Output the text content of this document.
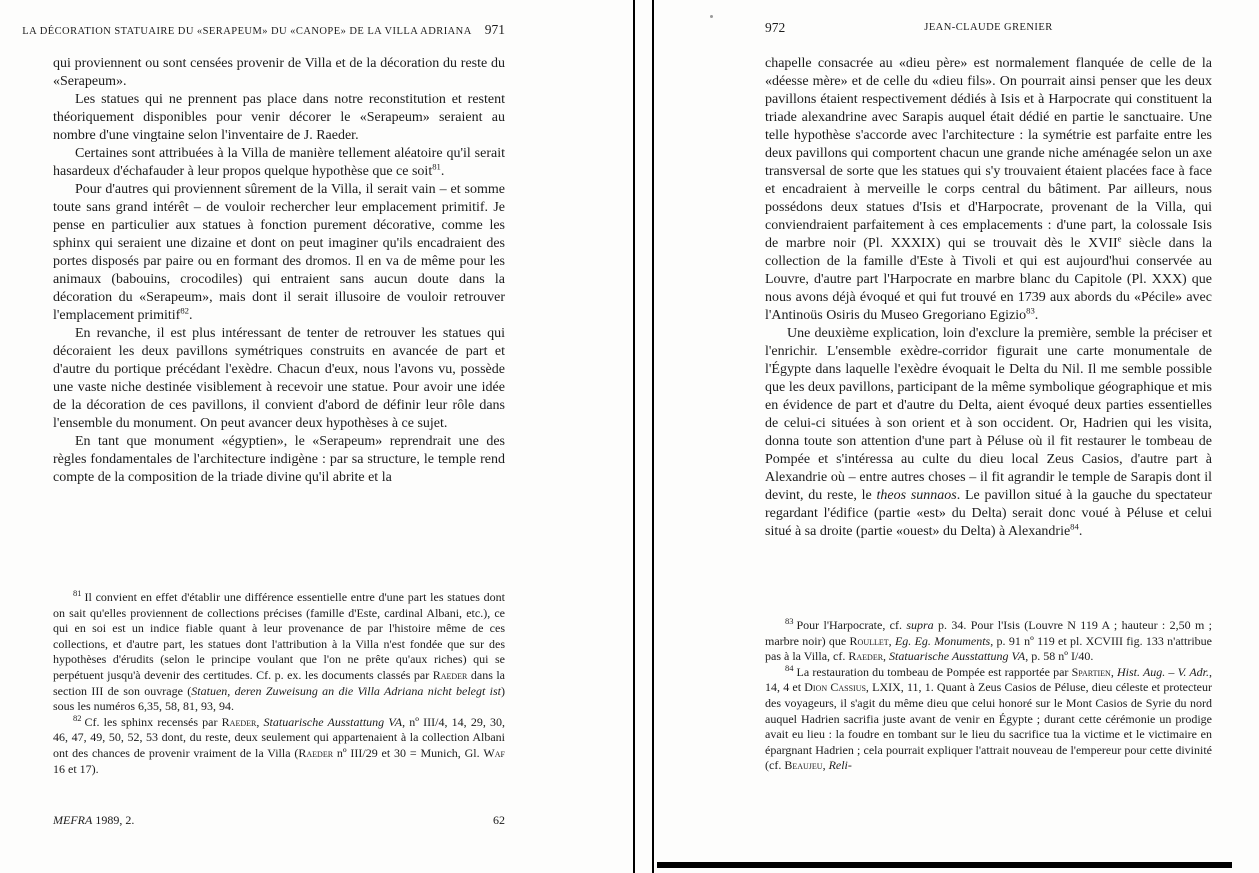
LA DÉCORATION STATUAIRE DU «SERAPEUM» DU «CANOPE» DE LA VILLA ADRIANA 971

qui proviennent ou sont censées provenir de Villa et de la décoration du reste du «Serapeum».

Les statues qui ne prennent pas place dans notre reconstitution et restent théoriquement disponibles pour venir décorer le «Serapeum» seraient au nombre d'une vingtaine selon l'inventaire de J. Raeder.

Certaines sont attribuées à la Villa de manière tellement aléatoire qu'il serait hasardeux d'échafauder à leur propos quelque hypothèse que ce soit$^{81}$.

Pour d'autres qui proviennent sûrement de la Villa, il serait vain – et somme toute sans grand intérêt – de vouloir rechercher leur emplacement primitif. Je pense en particulier aux statues à fonction purement décorative, comme les sphinx qui seraient une dizaine et dont on peut imaginer qu'ils encadraient des portes disposés par paire ou en formant des dromos. Il en va de même pour les animaux (babouins, crocodiles) qui entraient sans aucun doute dans la décoration du «Serapeum», mais dont il serait illusoire de vouloir retrouver l'emplacement primitif$^{82}$.

En revanche, il est plus intéressant de tenter de retrouver les statues qui décoraient les deux pavillons symétriques construits en avancée de part et d'autre du portique précédant l'exèdre. Chacun d'eux, nous l'avons vu, possède une vaste niche destinée visiblement à recevoir une statue. Pour avoir une idée de la décoration de ces pavillons, il convient d'abord de définir leur rôle dans l'ensemble du monument. On peut avancer deux hypothèses à ce sujet.

En tant que monument «égyptien», le «Serapeum» reprendrait une des règles fondamentales de l'architecture indigène : par sa structure, le temple rend compte de la composition de la triade divine qu'il abrite et la

$^{81}$ Il convient en effet d'établir une différence essentielle entre d'une part les statues dont on sait qu'elles proviennent de collections précises (famille d'Este, cardinal Albani, etc.), ce qui en soi est un indice fiable quant à leur provenance de par l'histoire même de ces collections, et d'autre part, les statues dont l'attribution à la Villa n'est fondée que sur des hypothèses d'érudits (selon le principe voulant que l'on ne prête qu'aux riches) qui se perpétuent jusqu'à devenir des certitudes. Cf. p. ex. les documents classés par Raeder dans la section III de son ouvrage (Statuen, deren Zuweisung an die Villa Adriana nicht belegt ist) sous les numéros 6,35, 58, 81, 93, 94.

$^{82}$ Cf. les sphinx recensés par Raeder, Statuarische Ausstattung VA, nº III/4, 14, 29, 30, 46, 47, 49, 50, 52, 53 dont, du reste, deux seulement qui appartenaient à la collection Albani ont des chances de provenir vraiment de la Villa (Raeder nº III/29 et 30 = Munich, Gl. Waf 16 et 17).

MEFRA 1989, 2.	62
972	JEAN-CLAUDE GRENIER

chapelle consacrée au «dieu père» est normalement flanquée de celle de la «déesse mère» et de celle du «dieu fils». On pourrait ainsi penser que les deux pavillons étaient respectivement dédiés à Isis et à Harpocrate qui constituent la triade alexandrine avec Sarapis auquel était dédié en partie le sanctuaire. Une telle hypothèse s'accorde avec l'architecture : la symétrie est parfaite entre les deux pavillons qui comportent chacun une grande niche aménagée selon un axe transversal de sorte que les statues qui s'y trouvaient étaient placées face à face et encadraient à merveille le corps central du bâtiment. Par ailleurs, nous possédons deux statues d'Isis et d'Harpocrate, provenant de la Villa, qui conviendraient parfaitement à ces emplacements : d'une part, la colossale Isis de marbre noir (Pl. XXXIX) qui se trouvait dès le XVIIe siècle dans la collection de la famille d'Este à Tivoli et qui est aujourd'hui conservée au Louvre, d'autre part l'Harpocrate en marbre blanc du Capitole (Pl. XXX) que nous avons déjà évoqué et qui fut trouvé en 1739 aux abords du «Pécile» avec l'Antinoüs Osiris du Museo Gregoriano Egizio$^{83}$.

Une deuxième explication, loin d'exclure la première, semble la préciser et l'enrichir. L'ensemble exèdre-corridor figurait une carte monumentale de l'Égypte dans laquelle l'exèdre évoquait le Delta du Nil. Il me semble possible que les deux pavillons, participant de la même symbolique géographique et mis en évidence de part et d'autre du Delta, aient évoqué deux parties essentielles de celui-ci situées à son orient et à son occident. Or, Hadrien qui les visita, donna toute son attention d'une part à Péluse où il fit restaurer le tombeau de Pompée et s'intéressa au culte du dieu local Zeus Casios, d'autre part à Alexandrie où – entre autres choses – il fit agrandir le temple de Sarapis dont il devint, du reste, le theos sunnaos. Le pavillon situé à la gauche du spectateur regardant l'édifice (partie «est» du Delta) serait donc voué à Péluse et celui situé à sa droite (partie «ouest» du Delta) à Alexandrie$^{84}$.

$^{83}$ Pour l'Harpocrate, cf. supra p. 34. Pour l'Isis (Louvre N 119 A ; hauteur : 2,50 m ; marbre noir) que Roullet, Eg. Eg. Monuments, p. 91 nº 119 et pl. XCVIII fig. 133 n'attribue pas à la Villa, cf. Raeder, Statuarische Ausstattung VA, p. 58 nº I/40.

$^{84}$ La restauration du tombeau de Pompée est rapportée par Spartien, Hist. Aug. – V. Adr., 14, 4 et Dion Cassius, LXIX, 11, 1. Quant à Zeus Casios de Péluse, dieu céleste et protecteur des voyageurs, il s'agit du même dieu que celui honoré sur le Mont Casios de Syrie du nord auquel Hadrien sacrifia juste avant de venir en Égypte ; durant cette cérémonie un prodige avait eu lieu : la foudre en tombant sur le lieu du sacrifice tua la victime et le victimaire en épargnant Hadrien ; cela pourrait expliquer l'attrait nouveau de l'empereur pour cette divinité (cf. Beaujeu, Reli-
